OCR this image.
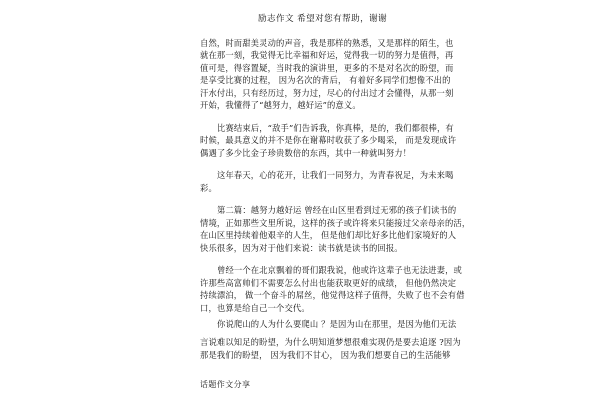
励志作文 希望对您有帮助，谢谢
自然，时而甜美灵动的声音，我是那样的熟悉，又是那样的陌生，也
就在那一刻，我觉得无比幸福和好运，觉得我一切的努力是值得，再
值可是，得容置疑，当时我的演讲里，更多的不是对名次的盼望，而
是享受比赛的过程， 因为名次的背后， 有着好多同学们想像不出的
汗水付出，只有经历过，努力过，尽心的付出过才会懂得，从那一刻
开始，我懂得了“越努力，越好运”的意义。
比赛结束后，“敌手”们告诉我，你真棒，是的，我们都很棒，有
时候，最具意义的并不是你在谢幕时收获了多少喝采， 而是发现成许
偶遇了多少比金子珍贵数倍的东西，其中一种就叫努力！
这年春天，心的花开，让我们一同努力，为青春祝足，为未来喝
彩。
第二篇：越努力越好运 曾经在山区里看到过无邪的孩子们读书的
情境，正如那些文里所说，这样的孩子或许将来只能接过父亲母亲的活，
在山区里持续着他艰辛的人生， 但是他们却比好多比他们家境好的人
快乐很多，因为对于他们来说：读书就是读书的回报。
曾经一个在北京飘着的哥们跟我说，他或许这辈子也无法进妻，或
许那些高富帅们不需要怎么付出也能获取更好的成绩， 但他仍然决定
持续漂泊， 做一个奋斗的屌丝，他觉得这样子值得，失败了也不会有借
口，也算是给自己一个交代。
你说爬山的人为什么要爬山 ？是因为山在那里，是因为他们无法
言说难以知足的盼望，为什么明知道梦想很难实现仍是要去追逐 ?因为
那是我们的盼望， 因为我们不甘心， 因为我们想要自己的生活能够
话题作文分享
